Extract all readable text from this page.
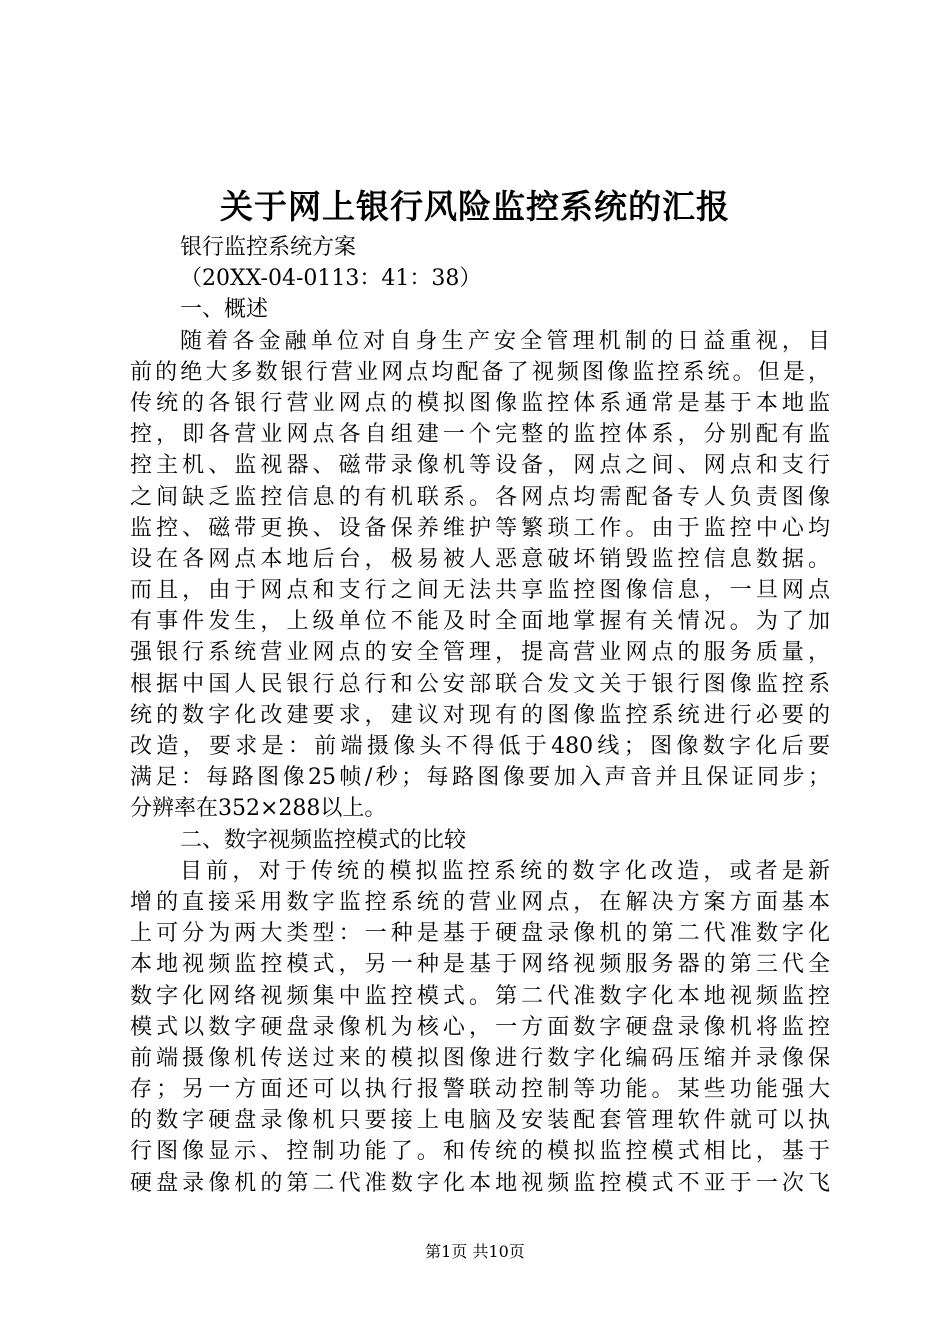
关于网上银行风险监控系统的汇报
银行监控系统方案
（20XX-04-0113：41：38）
一、概述
随着各金融单位对自身生产安全管理机制的日益重视，目
前的绝大多数银行营业网点均配备了视频图像监控系统。但是，
传统的各银行营业网点的模拟图像监控体系通常是基于本地监
控，即各营业网点各自组建一个完整的监控体系，分别配有监
控主机、监视器、磁带录像机等设备，网点之间、网点和支行
之间缺乏监控信息的有机联系。各网点均需配备专人负责图像
监控、磁带更换、设备保养维护等繁琐工作。由于监控中心均
设在各网点本地后台，极易被人恶意破坏销毁监控信息数据。
而且，由于网点和支行之间无法共享监控图像信息，一旦网点
有事件发生，上级单位不能及时全面地掌握有关情况。为了加
强银行系统营业网点的安全管理，提高营业网点的服务质量，
根据中国人民银行总行和公安部联合发文关于银行图像监控系
统的数字化改建要求，建议对现有的图像监控系统进行必要的
改造，要求是：前端摄像头不得低于480线；图像数字化后要
满足：每路图像25帧/秒；每路图像要加入声音并且保证同步；
分辨率在352×288以上。
二、数字视频监控模式的比较
目前，对于传统的模拟监控系统的数字化改造，或者是新
增的直接采用数字监控系统的营业网点，在解决方案方面基本
上可分为两大类型：一种是基于硬盘录像机的第二代准数字化
本地视频监控模式，另一种是基于网络视频服务器的第三代全
数字化网络视频集中监控模式。第二代准数字化本地视频监控
模式以数字硬盘录像机为核心，一方面数字硬盘录像机将监控
前端摄像机传送过来的模拟图像进行数字化编码压缩并录像保
存；另一方面还可以执行报警联动控制等功能。某些功能强大
的数字硬盘录像机只要接上电脑及安装配套管理软件就可以执
行图像显示、控制功能了。和传统的模拟监控模式相比，基于
硬盘录像机的第二代准数字化本地视频监控模式不亚于一次飞
第1页 共10页
